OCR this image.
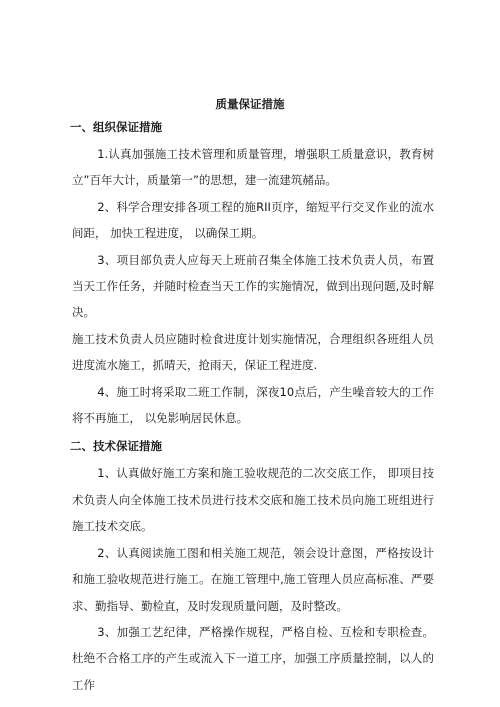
质量保证措施
一、组织保证措施

1.认真加强施工技术管理和质量管理，增强职工质量意识，教育树立”百年大计，质量第一”的思想，建一流建筑赭品。

2、科学合理安排各项工程的施RII页序，缩短平行交叉作业的流水间距， 加快工程进度， 以确保工期。

3、项目部负责人应每天上班前召集全体施工技术负责人员，布置当天工作任务，并随时检查当天工作的实施情况，做到出现问题,及时解决。

施工技术负责人员应随时检食进度计划实施情况，合理组织各班组人员进度流水施工，抓晴天，抢雨天，保证工程进度.

4、施工时将采取二班工作制，深夜10点后，产生噪音较大的工作将不再施工， 以免影响居民休息。

二、技术保证措施

1、认真做好施工方案和施工验收规范的二次交底工作， 即项目技术负责人向全体施工技术员进行技术交底和施工技术员向施工班组进行施工技术交底。

2、认真阅读施工图和相关施工规范，领会设计意图，严格按设计和施工验收规范进行施工。在施工管理中,施工管理人员应高标准、严要求、勤指导、勤检直，及时发现质量问题，及时整改。

3、加强工艺纪律，严格操作规程，严格自检、互检和专职检查。杜绝不合格工序的产生或流入下一道工序，加强工序质量控制，以人的工作
